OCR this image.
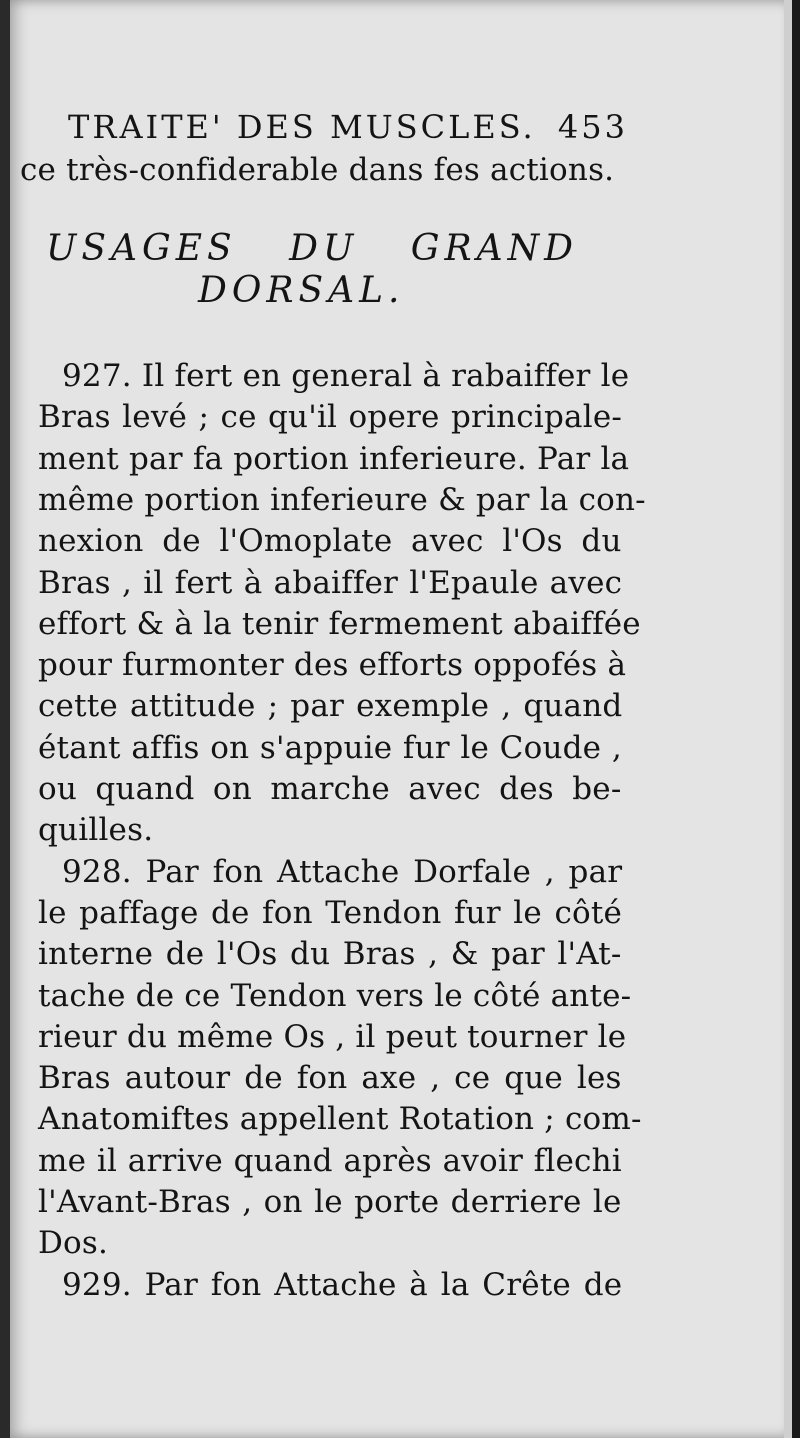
TRAITE' DES MUSCLES. 453
ce très-confiderable dans fes actions.
USAGES DU GRAND
DORSAL.
927. Il fert en general à rabaiffer le
Bras levé ; ce qu'il opere principale-
ment par fa portion inferieure. Par la
même portion inferieure & par la con-
nexion de l'Omoplate avec l'Os du
Bras , il fert à abaiffer l'Epaule avec
effort & à la tenir fermement abaiffée
pour furmonter des efforts oppofés à
cette attitude ; par exemple , quand
étant affis on s'appuie fur le Coude ,
ou quand on marche avec des be-
quilles.
928. Par fon Attache Dorfale , par
le paffage de fon Tendon fur le côté
interne de l'Os du Bras , & par l'At-
tache de ce Tendon vers le côté ante-
rieur du même Os , il peut tourner le
Bras autour de fon axe , ce que les
Anatomiftes appellent Rotation ; com-
me il arrive quand après avoir flechi
l'Avant-Bras , on le porte derriere le
Dos.
929. Par fon Attache à la Crête de
